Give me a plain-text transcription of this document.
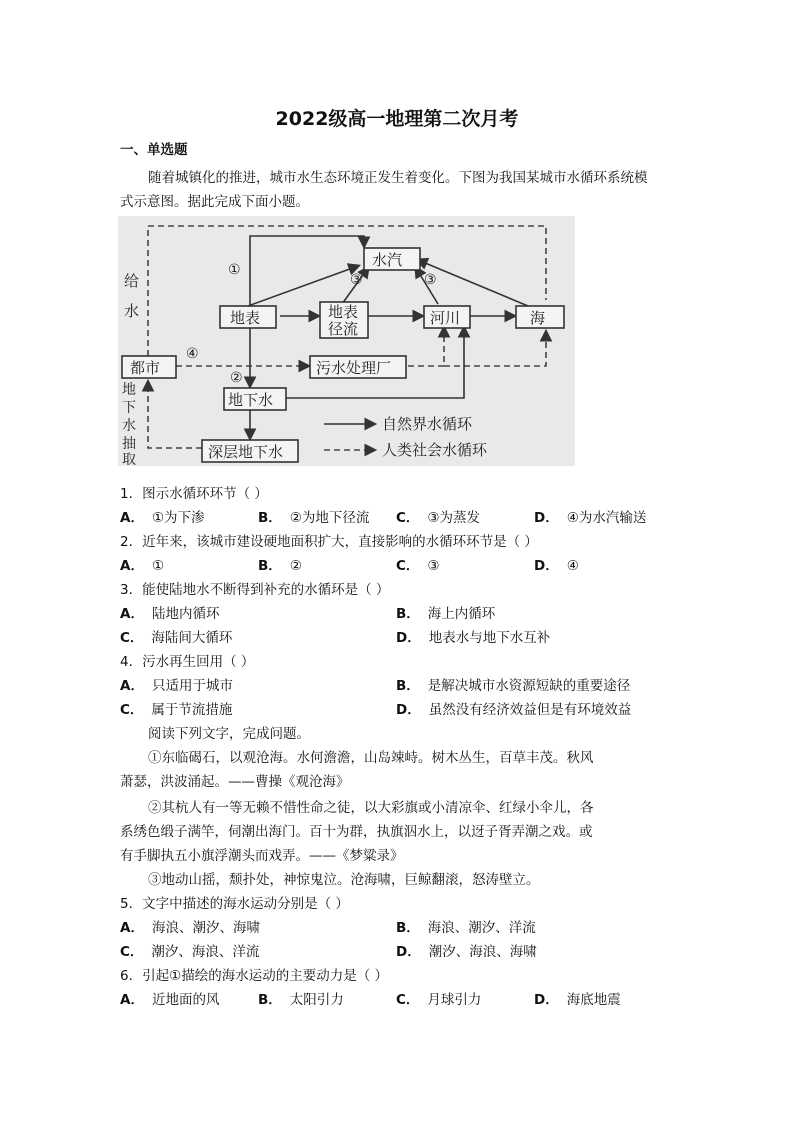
2022级高一地理第二次月考
一、单选题
随着城镇化的推进，城市水生态环境正发生着变化。下图为我国某城市水循环系统模
式示意图。据此完成下面小题。
水汽
地表	地表
径流
河川	海
都市	污水处理厂
地下水
深层地下水
给
水
地
下
水
抽
取
①
③	③
④
②
自然界水循环
人类社会水循环
1．图示水循环环节（ ）
A． ①为下渗	B． ②为地下径流 C． ③为蒸发	D． ④为水汽输送
2．近年来，该城市建设硬地面积扩大，直接影响的水循环环节是（ ）
A． ①	B． ②	C． ③	D． ④
3．能使陆地水不断得到补充的水循环是（ ）
A． 陆地内循环	B． 海上内循环
C． 海陆间大循环	D． 地表水与地下水互补
4．污水再生回用（ ）
A． 只适用于城市	B． 是解决城市水资源短缺的重要途径
C． 属于节流措施	D． 虽然没有经济效益但是有环境效益
阅读下列文字，完成问题。
①东临碣石，以观沧海。水何澹澹，山岛竦峙。树木丛生，百草丰茂。秋风
萧瑟，洪波涌起。——曹操《观沧海》
②其杭人有一等无赖不惜性命之徒，以大彩旗或小清凉伞、红绿小伞儿，各
系绣色缎子满竿，伺潮出海门。百十为群，执旗泅水上，以迓子胥弄潮之戏。或
有手脚执五小旗浮潮头而戏弄。——《梦粱录》
③地动山摇，颓扑处，神惊鬼泣。沧海啸，巨鲸翻滚，怒涛壁立。
5．文字中描述的海水运动分别是（ ）
A． 海浪、潮汐、海啸	B． 海浪、潮汐、洋流
C． 潮汐、海浪、洋流	D． 潮汐、海浪、海啸
6．引起①描绘的海水运动的主要动力是（ ）
A． 近地面的风	B． 太阳引力	C． 月球引力	D． 海底地震
